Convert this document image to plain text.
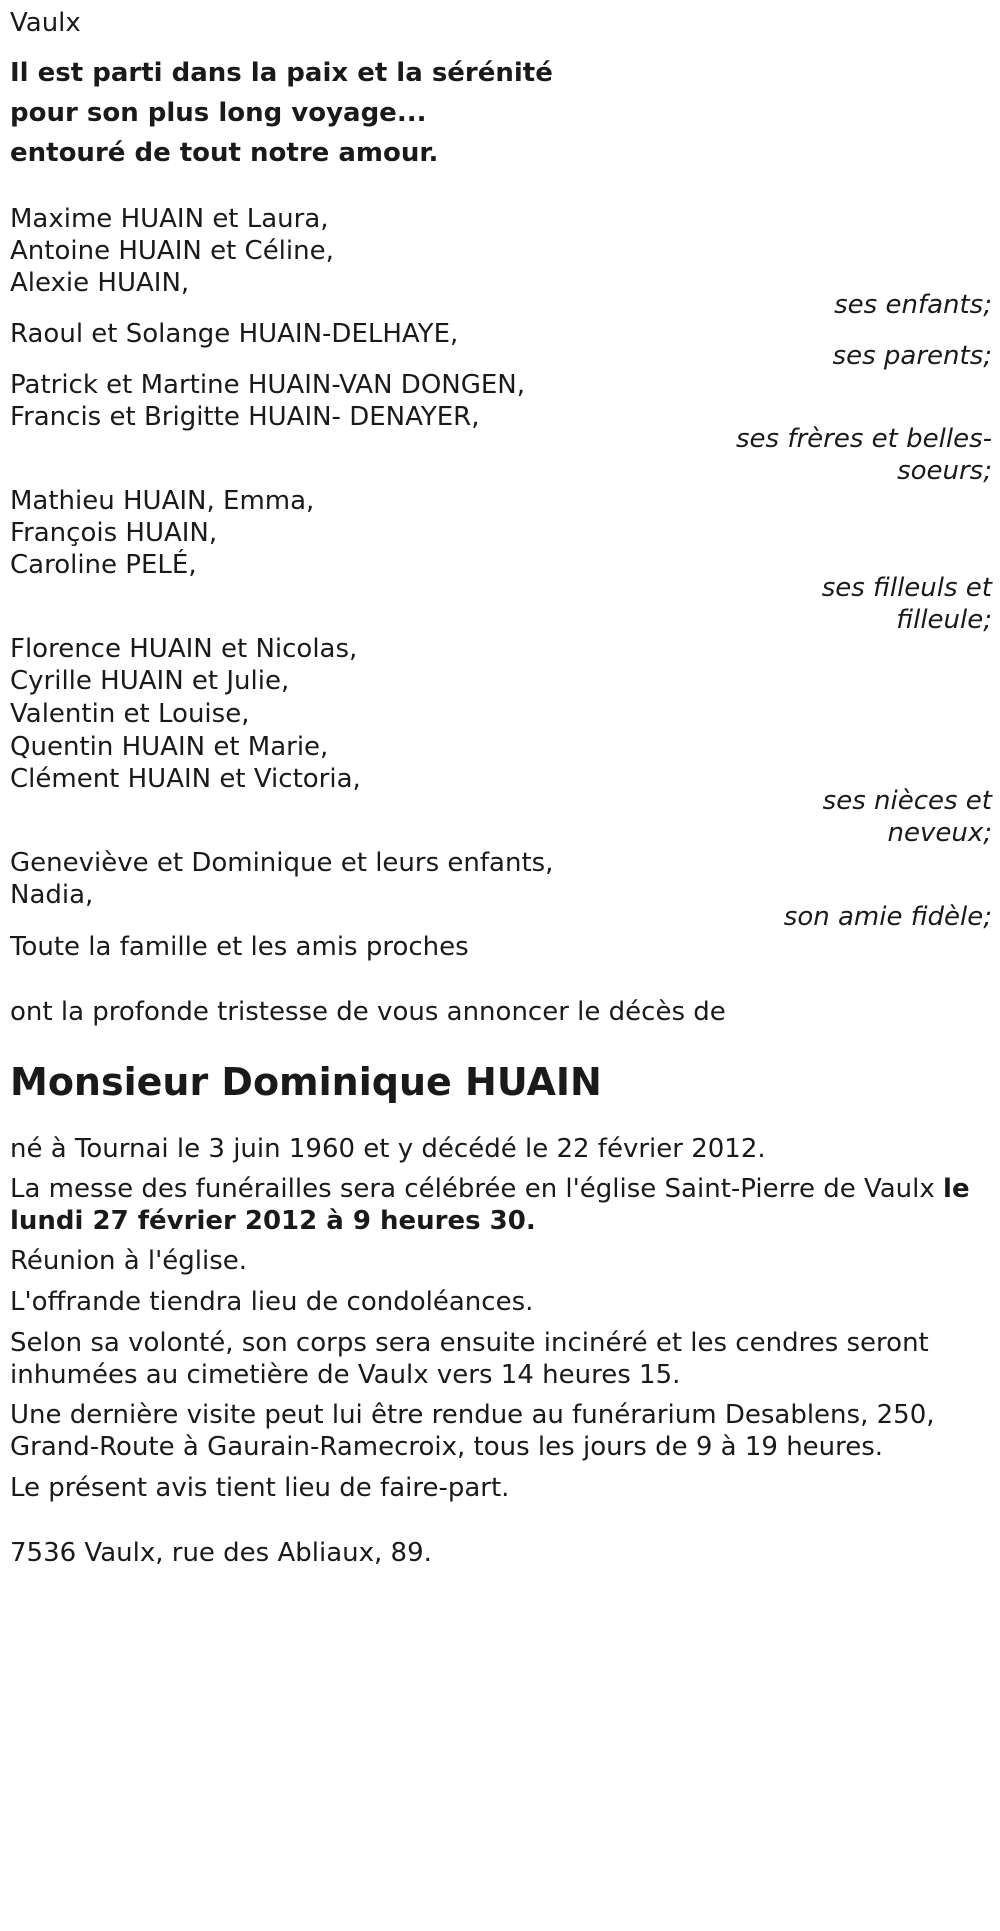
Vaulx
Il est parti dans la paix et la sérénité
pour son plus long voyage...
entouré de tout notre amour.
Maxime HUAIN et Laura,
Antoine HUAIN et Céline,
Alexie HUAIN,
ses enfants;
Raoul et Solange HUAIN-DELHAYE,
ses parents;
Patrick et Martine HUAIN-VAN DONGEN,
Francis et Brigitte HUAIN- DENAYER,
ses frères et belles-
soeurs;
Mathieu HUAIN, Emma,
François HUAIN,
Caroline PELÉ,
ses filleuls et
filleule;
Florence HUAIN et Nicolas,
Cyrille HUAIN et Julie,
Valentin et Louise,
Quentin HUAIN et Marie,
Clément HUAIN et Victoria,
ses nièces et
neveux;
Geneviève et Dominique et leurs enfants,
Nadia,
son amie fidèle;
Toute la famille et les amis proches
ont la profonde tristesse de vous annoncer le décès de
Monsieur Dominique HUAIN
né à Tournai le 3 juin 1960 et y décédé le 22 février 2012.
La messe des funérailles sera célébrée en l'église Saint-Pierre de Vaulx le
lundi 27 février 2012 à 9 heures 30.
Réunion à l'église.
L'offrande tiendra lieu de condoléances.
Selon sa volonté, son corps sera ensuite incinéré et les cendres seront
inhumées au cimetière de Vaulx vers 14 heures 15.
Une dernière visite peut lui être rendue au funérarium Desablens, 250,
Grand-Route à Gaurain-Ramecroix, tous les jours de 9 à 19 heures.
Le présent avis tient lieu de faire-part.
7536 Vaulx, rue des Abliaux, 89.
